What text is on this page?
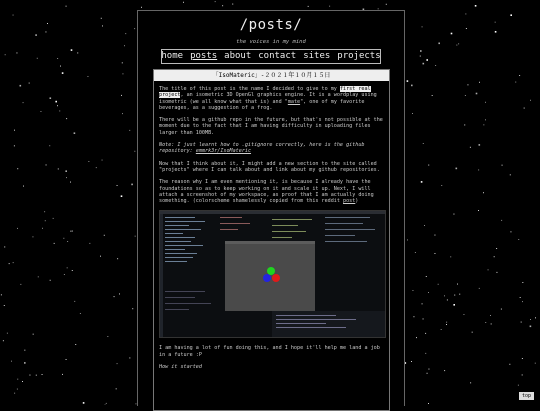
/posts/
the voices in my mind
home posts about contact sites projects
「IsoMateric」-２０２１年１０月１５日

The title of this post is the name I decided to give to my first real project, an isometric 3D OpenGl graphics engine. It is a wordplay using isometric (we all know what that is) and "mate", one of my favorite beverages, as a suggestion of a frog.

There will be a github repo in the future, but that's not possible at the moment due to the fact that I am having difficulty in uploading files larger than 100MB.

Note: I just learnt how to .gitignore correctly, here is the github repository: emmrk3r/IsoMateric

Now that I think about it, I might add a new section to the site called "projects" where I can talk about and link about my github repositories.

The reason why I am even mentioning it, is because I already have the foundations so as to keep working on it and scale it up. Next, I will attach a screenshot of my workspace, as proof that I am actually doing something. (colorscheme shamelessly copied from this reddit post)

I am having a lot of fun doing this, and I hope it'll help me land a job in a future :P

How it started

top
